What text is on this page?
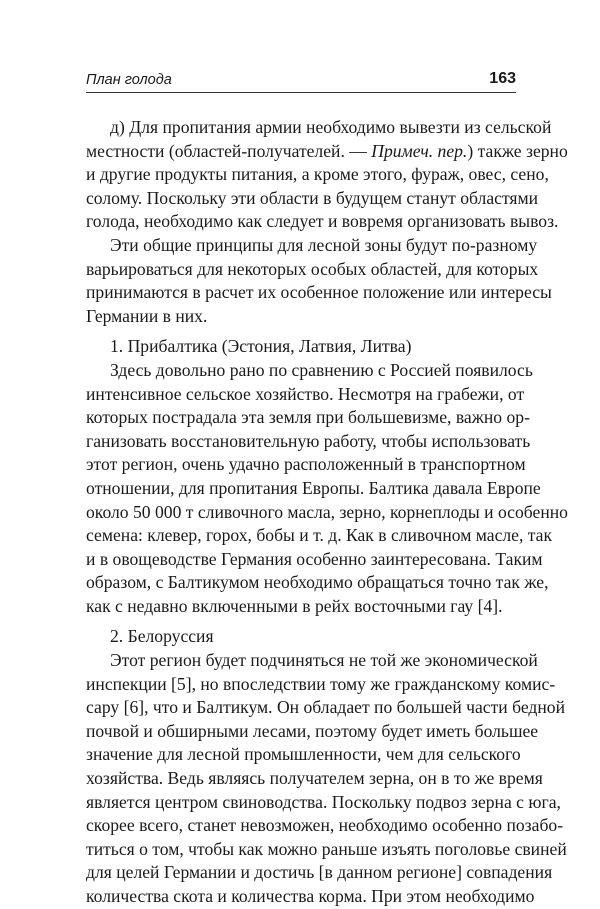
План голода	163
д) Для пропитания армии необходимо вывезти из сельской
местности (областей-получателей. — Примеч. пер.) также зерно
и другие продукты питания, а кроме этого, фураж, овес, сено,
солому. Поскольку эти области в будущем станут областями
голода, необходимо как следует и вовремя организовать вывоз.
Эти общие принципы для лесной зоны будут по-разному
варьироваться для некоторых особых областей, для которых
принимаются в расчет их особенное положение или интересы
Германии в них.
1. Прибалтика (Эстония, Латвия, Литва)
Здесь довольно рано по сравнению с Россией появилось
интенсивное сельское хозяйство. Несмотря на грабежи, от
которых пострадала эта земля при большевизме, важно ор-
ганизовать восстановительную работу, чтобы использовать
этот регион, очень удачно расположенный в транспортном
отношении, для пропитания Европы. Балтика давала Европе
около 50 000 т сливочного масла, зерно, корнеплоды и особенно
семена: клевер, горох, бобы и т. д. Как в сливочном масле, так
и в овощеводстве Германия особенно заинтересована. Таким
образом, с Балтикумом необходимо обращаться точно так же,
как с недавно включенными в рейх восточными гау [4].
2. Белоруссия
Этот регион будет подчиняться не той же экономической
инспекции [5], но впоследствии тому же гражданскому комис-
сару [6], что и Балтикум. Он обладает по большей части бедной
почвой и обширными лесами, поэтому будет иметь большее
значение для лесной промышленности, чем для сельского
хозяйства. Ведь являясь получателем зерна, он в то же время
является центром свиноводства. Поскольку подвоз зерна с юга,
скорее всего, станет невозможен, необходимо особенно позабо-
титься о том, чтобы как можно раньше изъять поголовье свиней
для целей Германии и достичь [в данном регионе] совпадения
количества скота и количества корма. При этом необходимо
